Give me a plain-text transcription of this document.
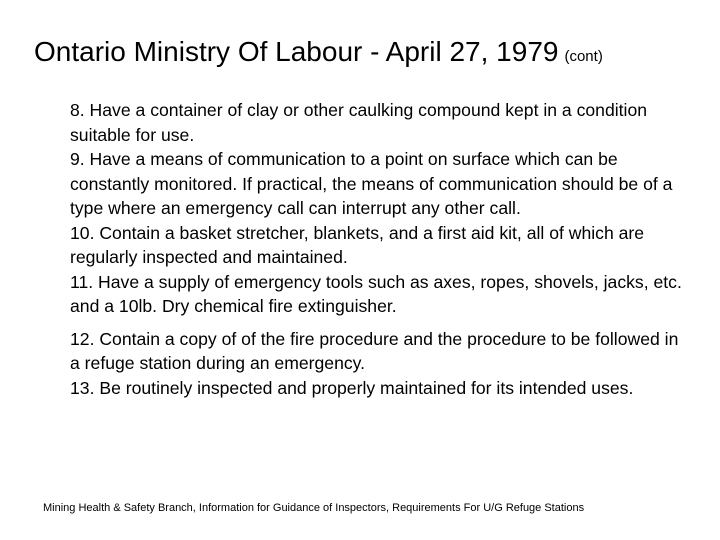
Ontario Ministry Of Labour - April 27, 1979 (cont)

8. Have a container of clay or other caulking compound kept in a condition suitable for use.

9. Have a means of communication to a point on surface which can be constantly monitored. If practical, the means of communication should be of a type where an emergency call can interrupt any other call.

10. Contain a basket stretcher, blankets, and a first aid kit, all of which are regularly inspected and maintained.

11. Have a supply of emergency tools such as axes, ropes, shovels, jacks, etc. and a 10lb. Dry chemical fire extinguisher.

12. Contain a copy of of the fire procedure and the procedure to be followed in a refuge station during an emergency.

13. Be routinely inspected and properly maintained for its intended uses.

Mining Health & Safety Branch, Information for Guidance of Inspectors, Requirements For U/G Refuge Stations
